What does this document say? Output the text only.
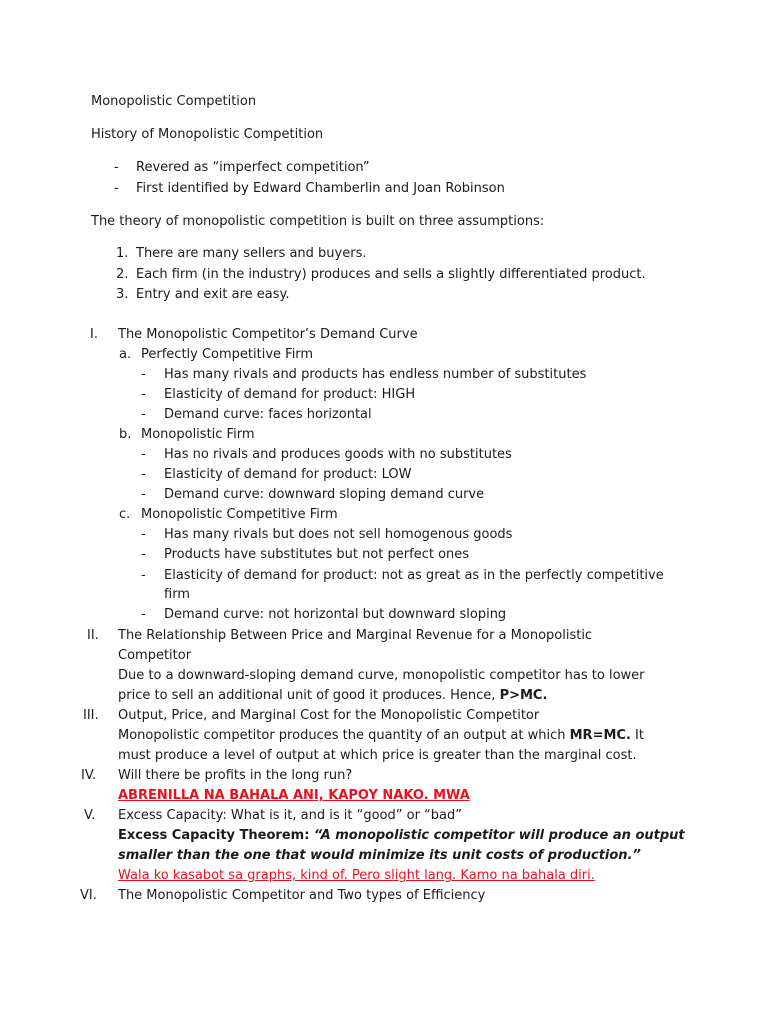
Monopolistic Competition
History of Monopolistic Competition
- Revered as “imperfect competition”
- First identified by Edward Chamberlin and Joan Robinson
The theory of monopolistic competition is built on three assumptions:
1. There are many sellers and buyers.
2. Each firm (in the industry) produces and sells a slightly differentiated product.
3. Entry and exit are easy.
I. The Monopolistic Competitor’s Demand Curve
a. Perfectly Competitive Firm
- Has many rivals and products has endless number of substitutes
- Elasticity of demand for product: HIGH
- Demand curve: faces horizontal
b. Monopolistic Firm
- Has no rivals and produces goods with no substitutes
- Elasticity of demand for product: LOW
- Demand curve: downward sloping demand curve
c. Monopolistic Competitive Firm
- Has many rivals but does not sell homogenous goods
- Products have substitutes but not perfect ones
- Elasticity of demand for product: not as great as in the perfectly competitive
firm
- Demand curve: not horizontal but downward sloping
II. The Relationship Between Price and Marginal Revenue for a Monopolistic
Competitor
Due to a downward-sloping demand curve, monopolistic competitor has to lower
price to sell an additional unit of good it produces. Hence, P>MC.
III. Output, Price, and Marginal Cost for the Monopolistic Competitor
Monopolistic competitor produces the quantity of an output at which MR=MC. It
must produce a level of output at which price is greater than the marginal cost.
IV. Will there be profits in the long run?
ABRENILLA NA BAHALA ANI, KAPOY NAKO. MWA
V. Excess Capacity: What is it, and is it “good” or “bad”
Excess Capacity Theorem: “A monopolistic competitor will produce an output
smaller than the one that would minimize its unit costs of production.”
Wala ko kasabot sa graphs, kind of. Pero slight lang. Kamo na bahala diri.
VI. The Monopolistic Competitor and Two types of Efficiency
